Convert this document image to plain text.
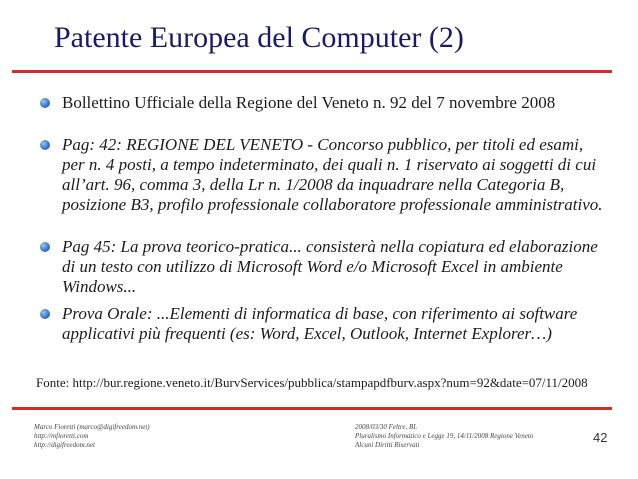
Patente Europea del Computer (2)
Bollettino Ufficiale della Regione del Veneto n. 92 del 7 novembre 2008
Pag: 42: REGIONE DEL VENETO - Concorso pubblico, per titoli ed esami, per n. 4 posti, a tempo indeterminato, dei quali n. 1 riservato ai soggetti di cui all’art. 96, comma 3, della Lr n. 1/2008 da inquadrare nella Categoria B, posizione B3, profilo professionale collaboratore professionale amministrativo.
Pag 45: La prova teorico-pratica... consisterà nella copiatura ed elaborazione di un testo con utilizzo di Microsoft Word e/o Microsoft Excel in ambiente Windows...
Prova Orale: ...Elementi di informatica di base, con riferimento ai software applicativi più frequenti (es: Word, Excel, Outlook, Internet Explorer…)
Fonte: http://bur.regione.veneto.it/BurvServices/pubblica/stampapdfburv.aspx?num=92&date=07/11/2008
Marco Fioretti (marco@digifreedom.net)
http://mfioretti.com
http://digifreedom.net
2008/03/30 Feltre, BL
Pluralismo Informatico e Legge 19, 14/11/2008 Regione Veneto
Alcuni Diritti Riservati	42
